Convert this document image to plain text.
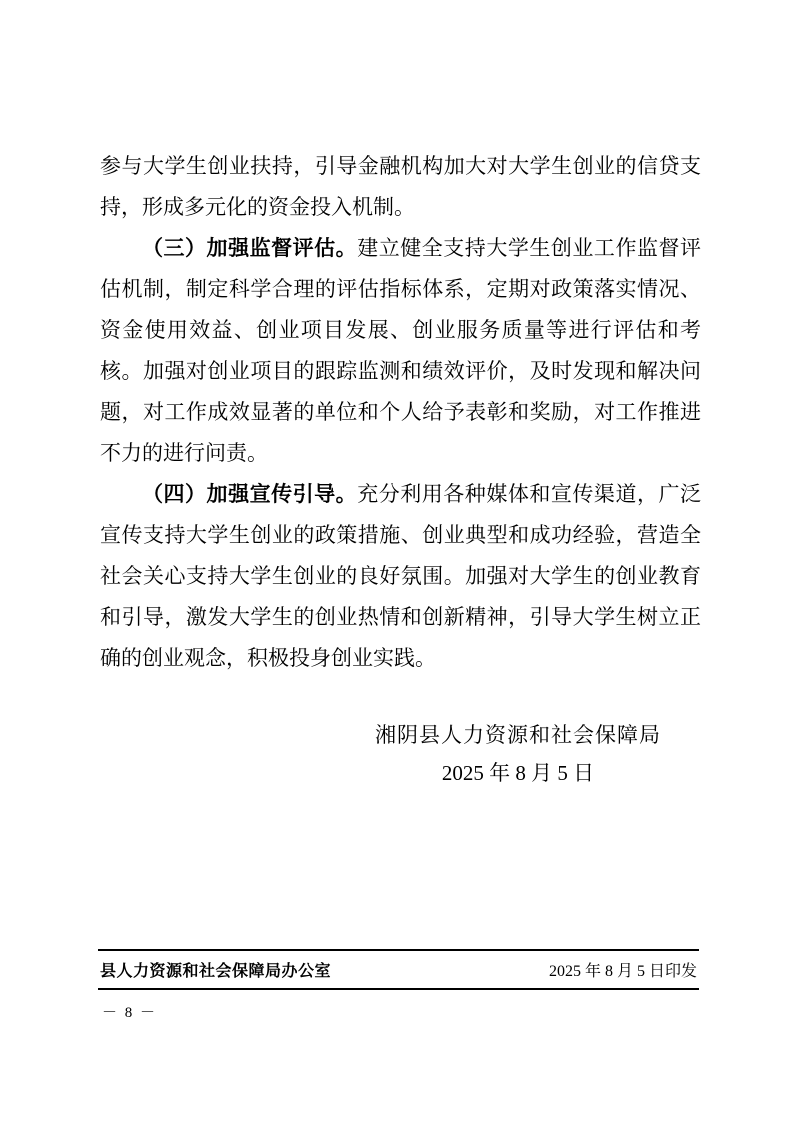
参与大学生创业扶持，引导金融机构加大对大学生创业的信贷支持，形成多元化的资金投入机制。

（三）加强监督评估。建立健全支持大学生创业工作监督评估机制，制定科学合理的评估指标体系，定期对政策落实情况、资金使用效益、创业项目发展、创业服务质量等进行评估和考核。加强对创业项目的跟踪监测和绩效评价，及时发现和解决问题，对工作成效显著的单位和个人给予表彰和奖励，对工作推进不力的进行问责。

（四）加强宣传引导。充分利用各种媒体和宣传渠道，广泛宣传支持大学生创业的政策措施、创业典型和成功经验，营造全社会关心支持大学生创业的良好氛围。加强对大学生的创业教育和引导，激发大学生的创业热情和创新精神，引导大学生树立正确的创业观念，积极投身创业实践。

湘阴县人力资源和社会保障局
2025 年 8 月 5 日
县人力资源和社会保障局办公室	2025 年 8 月 5 日印发
－ 8 －
